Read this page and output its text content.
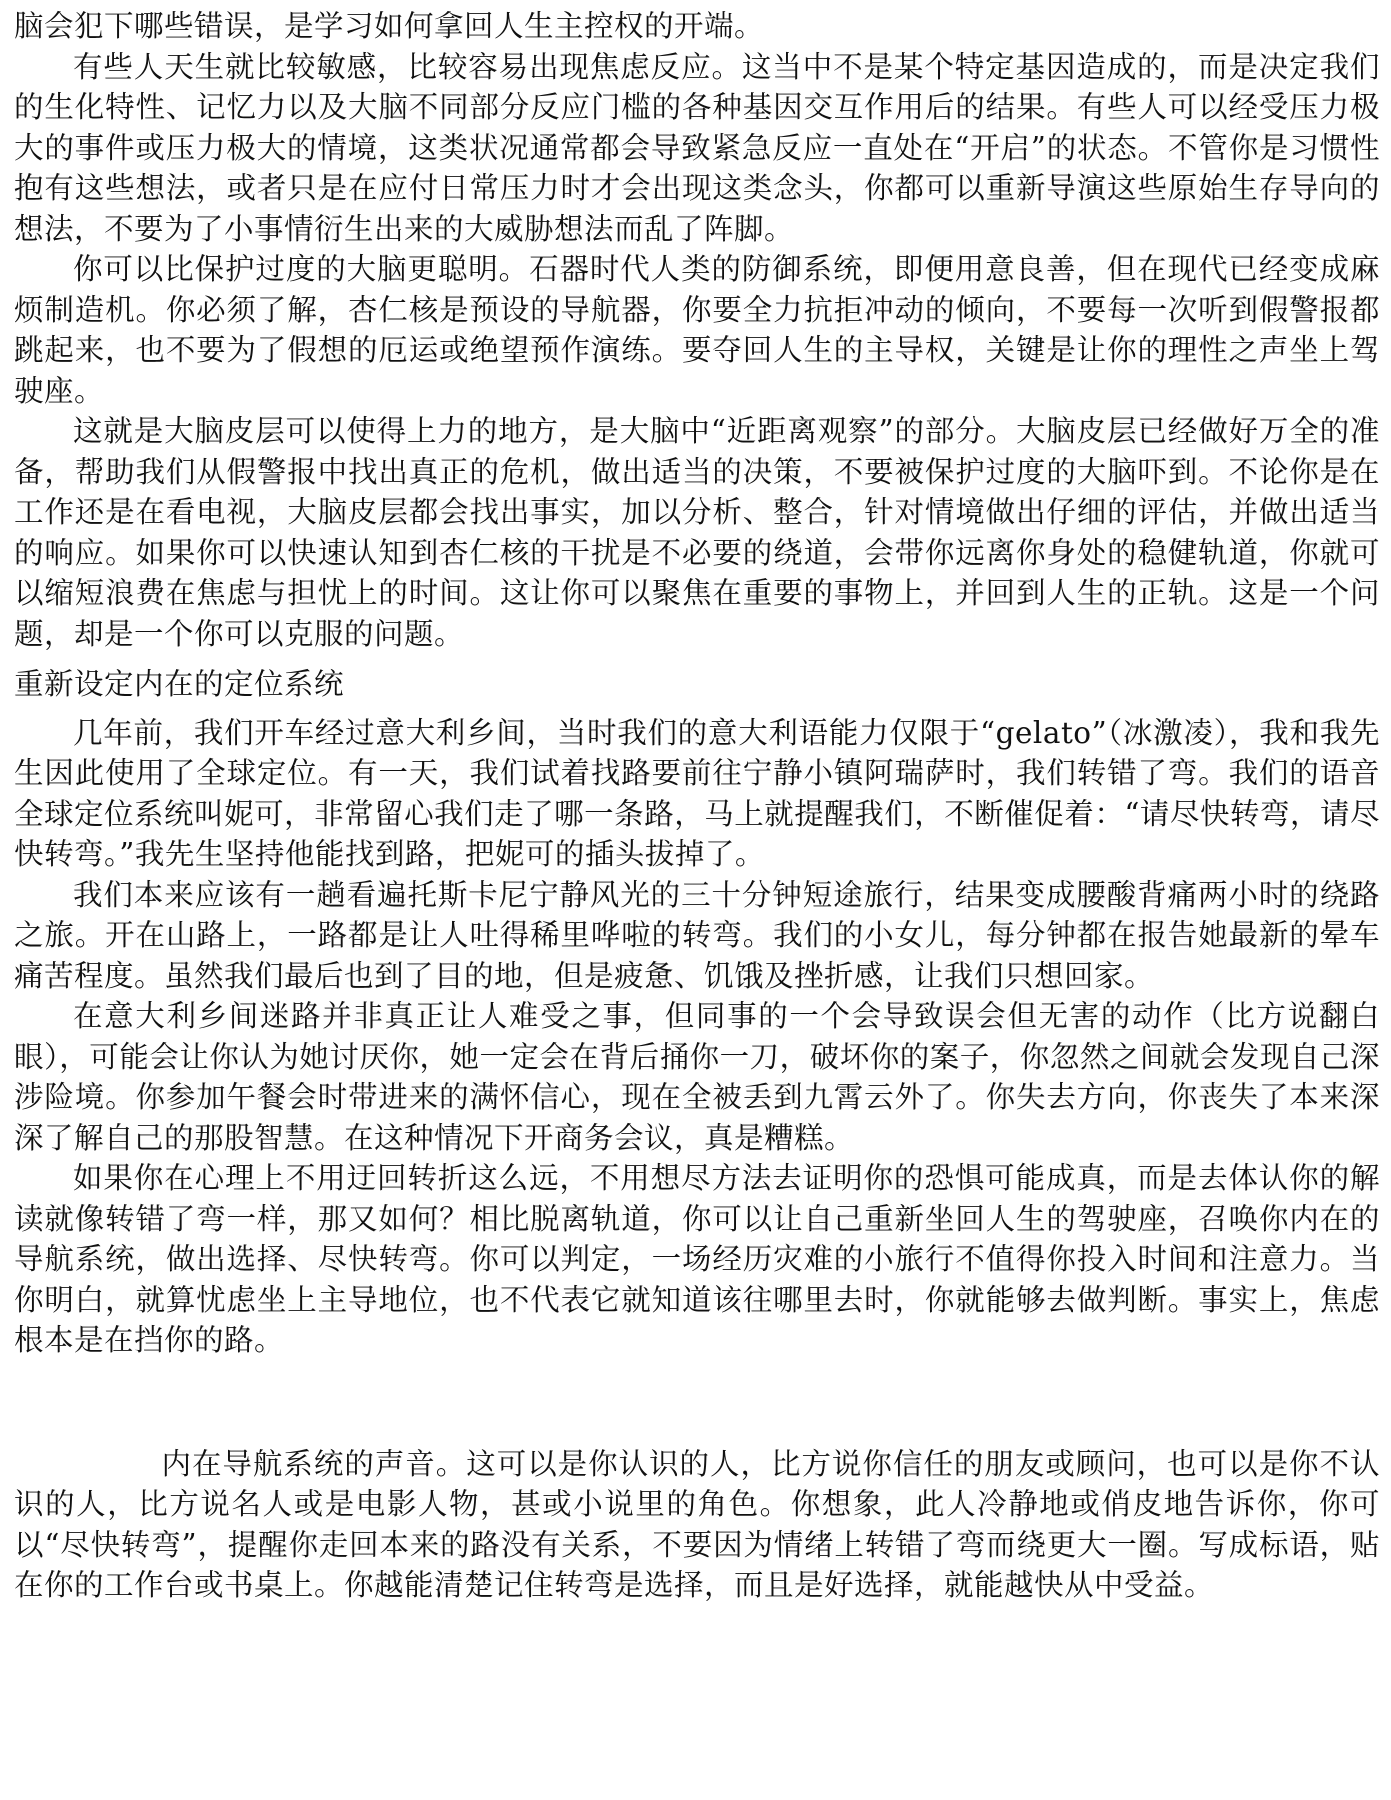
脑会犯下哪些错误，是学习如何拿回人生主控权的开端。

有些人天生就比较敏感，比较容易出现焦虑反应。这当中不是某个特定基因造成的，而是决定我们的生化特性、记忆力以及大脑不同部分反应门槛的各种基因交互作用后的结果。有些人可以经受压力极大的事件或压力极大的情境，这类状况通常都会导致紧急反应一直处在“开启”的状态。不管你是习惯性抱有这些想法，或者只是在应付日常压力时才会出现这类念头，你都可以重新导演这些原始生存导向的想法，不要为了小事情衍生出来的大威胁想法而乱了阵脚。

你可以比保护过度的大脑更聪明。石器时代人类的防御系统，即便用意良善，但在现代已经变成麻烦制造机。你必须了解，杏仁核是预设的导航器，你要全力抗拒冲动的倾向，不要每一次听到假警报都跳起来，也不要为了假想的厄运或绝望预作演练。要夺回人生的主导权，关键是让你的理性之声坐上驾驶座。

这就是大脑皮层可以使得上力的地方，是大脑中“近距离观察”的部分。大脑皮层已经做好万全的准备，帮助我们从假警报中找出真正的危机，做出适当的决策，不要被保护过度的大脑吓到。不论你是在工作还是在看电视，大脑皮层都会找出事实，加以分析、整合，针对情境做出仔细的评估，并做出适当的响应。如果你可以快速认知到杏仁核的干扰是不必要的绕道，会带你远离你身处的稳健轨道，你就可以缩短浪费在焦虑与担忧上的时间。这让你可以聚焦在重要的事物上，并回到人生的正轨。这是一个问题，却是一个你可以克服的问题。

重新设定内在的定位系统

几年前，我们开车经过意大利乡间，当时我们的意大利语能力仅限于“gelato”（冰激凌），我和我先生因此使用了全球定位。有一天，我们试着找路要前往宁静小镇阿瑞萨时，我们转错了弯。我们的语音全球定位系统叫妮可，非常留心我们走了哪一条路，马上就提醒我们，不断催促着：“请尽快转弯，请尽快转弯。”我先生坚持他能找到路，把妮可的插头拔掉了。

我们本来应该有一趟看遍托斯卡尼宁静风光的三十分钟短途旅行，结果变成腰酸背痛两小时的绕路之旅。开在山路上，一路都是让人吐得稀里哗啦的转弯。我们的小女儿，每分钟都在报告她最新的晕车痛苦程度。虽然我们最后也到了目的地，但是疲惫、饥饿及挫折感，让我们只想回家。

在意大利乡间迷路并非真正让人难受之事，但同事的一个会导致误会但无害的动作（比方说翻白眼），可能会让你认为她讨厌你，她一定会在背后捅你一刀，破坏你的案子，你忽然之间就会发现自己深涉险境。你参加午餐会时带进来的满怀信心，现在全被丢到九霄云外了。你失去方向，你丧失了本来深深了解自己的那股智慧。在这种情况下开商务会议，真是糟糕。

如果你在心理上不用迂回转折这么远，不用想尽方法去证明你的恐惧可能成真，而是去体认你的解读就像转错了弯一样，那又如何？相比脱离轨道，你可以让自己重新坐回人生的驾驶座，召唤你内在的导航系统，做出选择、尽快转弯。你可以判定，一场经历灾难的小旅行不值得你投入时间和注意力。当你明白，就算忧虑坐上主导地位，也不代表它就知道该往哪里去时，你就能够去做判断。事实上，焦虑根本是在挡你的路。

内在导航系统的声音。这可以是你认识的人，比方说你信任的朋友或顾问，也可以是你不认识的人，比方说名人或是电影人物，甚或小说里的角色。你想象，此人冷静地或俏皮地告诉你，你可以“尽快转弯”，提醒你走回本来的路没有关系，不要因为情绪上转错了弯而绕更大一圈。写成标语，贴在你的工作台或书桌上。你越能清楚记住转弯是选择，而且是好选择，就能越快从中受益。
